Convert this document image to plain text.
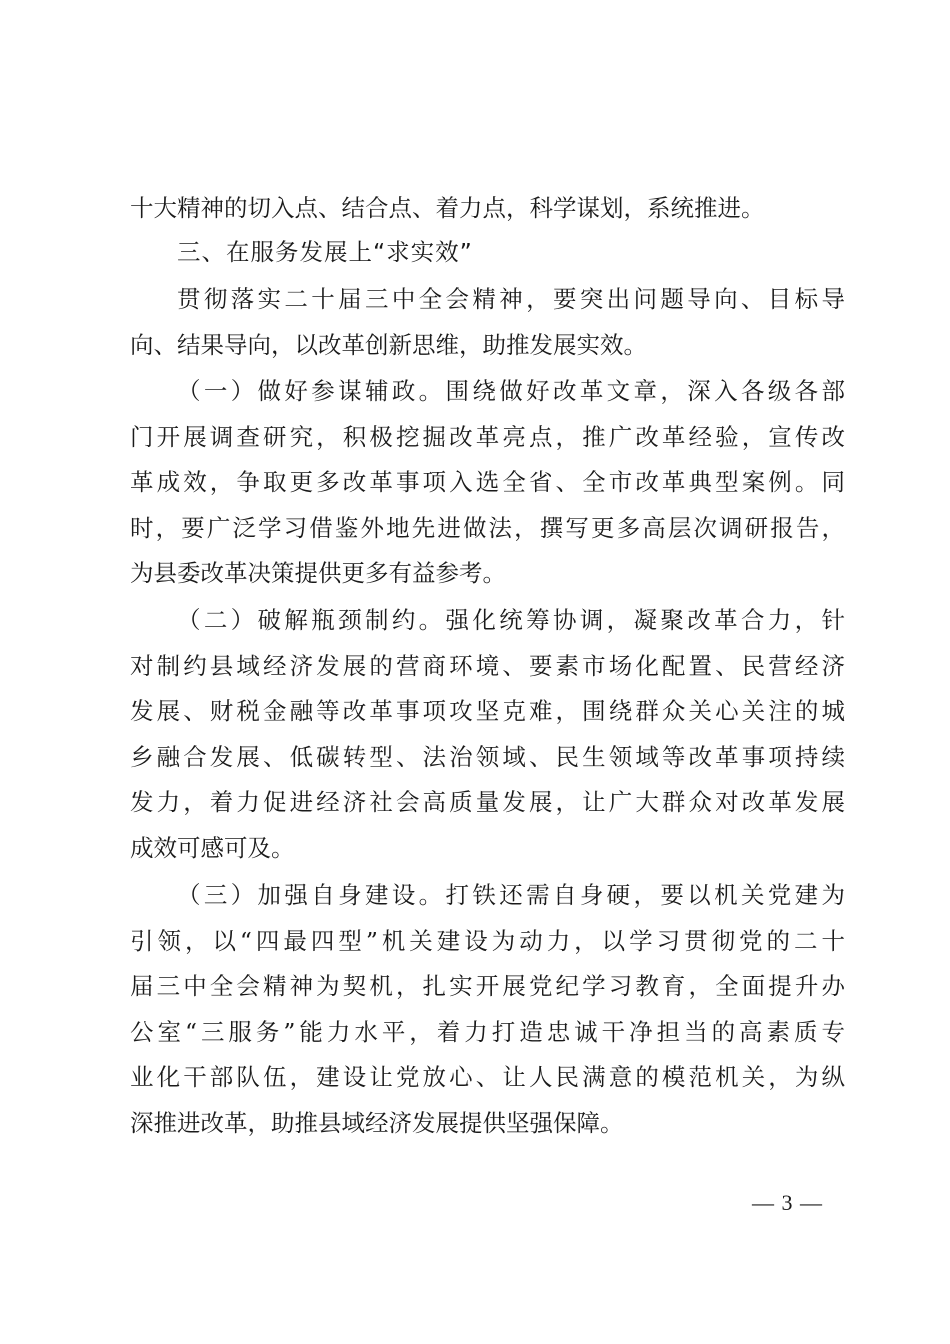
十大精神的切入点、结合点、着力点，科学谋划，系统推进。
三、在服务发展上“求实效”
贯彻落实二十届三中全会精神，要突出问题导向、目标导
向、结果导向，以改革创新思维，助推发展实效。
（一）做好参谋辅政。围绕做好改革文章，深入各级各部
门开展调查研究，积极挖掘改革亮点，推广改革经验，宣传改
革成效，争取更多改革事项入选全省、全市改革典型案例。同
时，要广泛学习借鉴外地先进做法，撰写更多高层次调研报告，
为县委改革决策提供更多有益参考。
（二）破解瓶颈制约。强化统筹协调，凝聚改革合力，针
对制约县域经济发展的营商环境、要素市场化配置、民营经济
发展、财税金融等改革事项攻坚克难，围绕群众关心关注的城
乡融合发展、低碳转型、法治领域、民生领域等改革事项持续
发力，着力促进经济社会高质量发展，让广大群众对改革发展
成效可感可及。
（三）加强自身建设。打铁还需自身硬，要以机关党建为
引领，以“四最四型”机关建设为动力，以学习贯彻党的二十
届三中全会精神为契机，扎实开展党纪学习教育，全面提升办
公室“三服务”能力水平，着力打造忠诚干净担当的高素质专
业化干部队伍，建设让党放心、让人民满意的模范机关，为纵
深推进改革，助推县域经济发展提供坚强保障。
— 3 —
